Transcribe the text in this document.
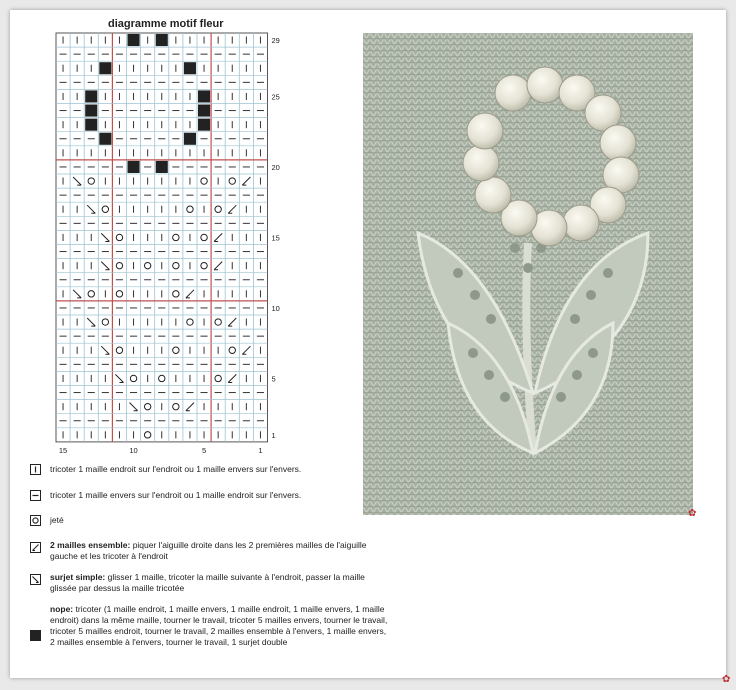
diagramme motif fleur
29
25
20
15
10
5
1
15	10	5	1
tricoter 1 maille endroit sur l'endroit ou 1 maille envers sur l'envers.
tricoter 1 maille envers sur l'endroit ou 1 maille endroit sur l'envers.
jeté
2 mailles ensemble: piquer l'aiguille droite dans les 2 premières mailles de l'aiguille gauche et les tricoter à l'endroit
surjet simple: glisser 1 maille, tricoter la maille suivante à l'endroit, passer la maille glissée par dessus la maille tricotée
nope: tricoter (1 maille endroit, 1 maille envers, 1 maille endroit, 1 maille envers, 1 maille endroit) dans la même maille, tourner le travail, tricoter 5 mailles envers, tourner le travail, tricoter 5 mailles endroit, tourner le travail, 2 mailles ensemble à l'envers, 1 maille envers, 2 mailles ensemble à l'envers, tourner le travail, 1 surjet double
✿
✿
